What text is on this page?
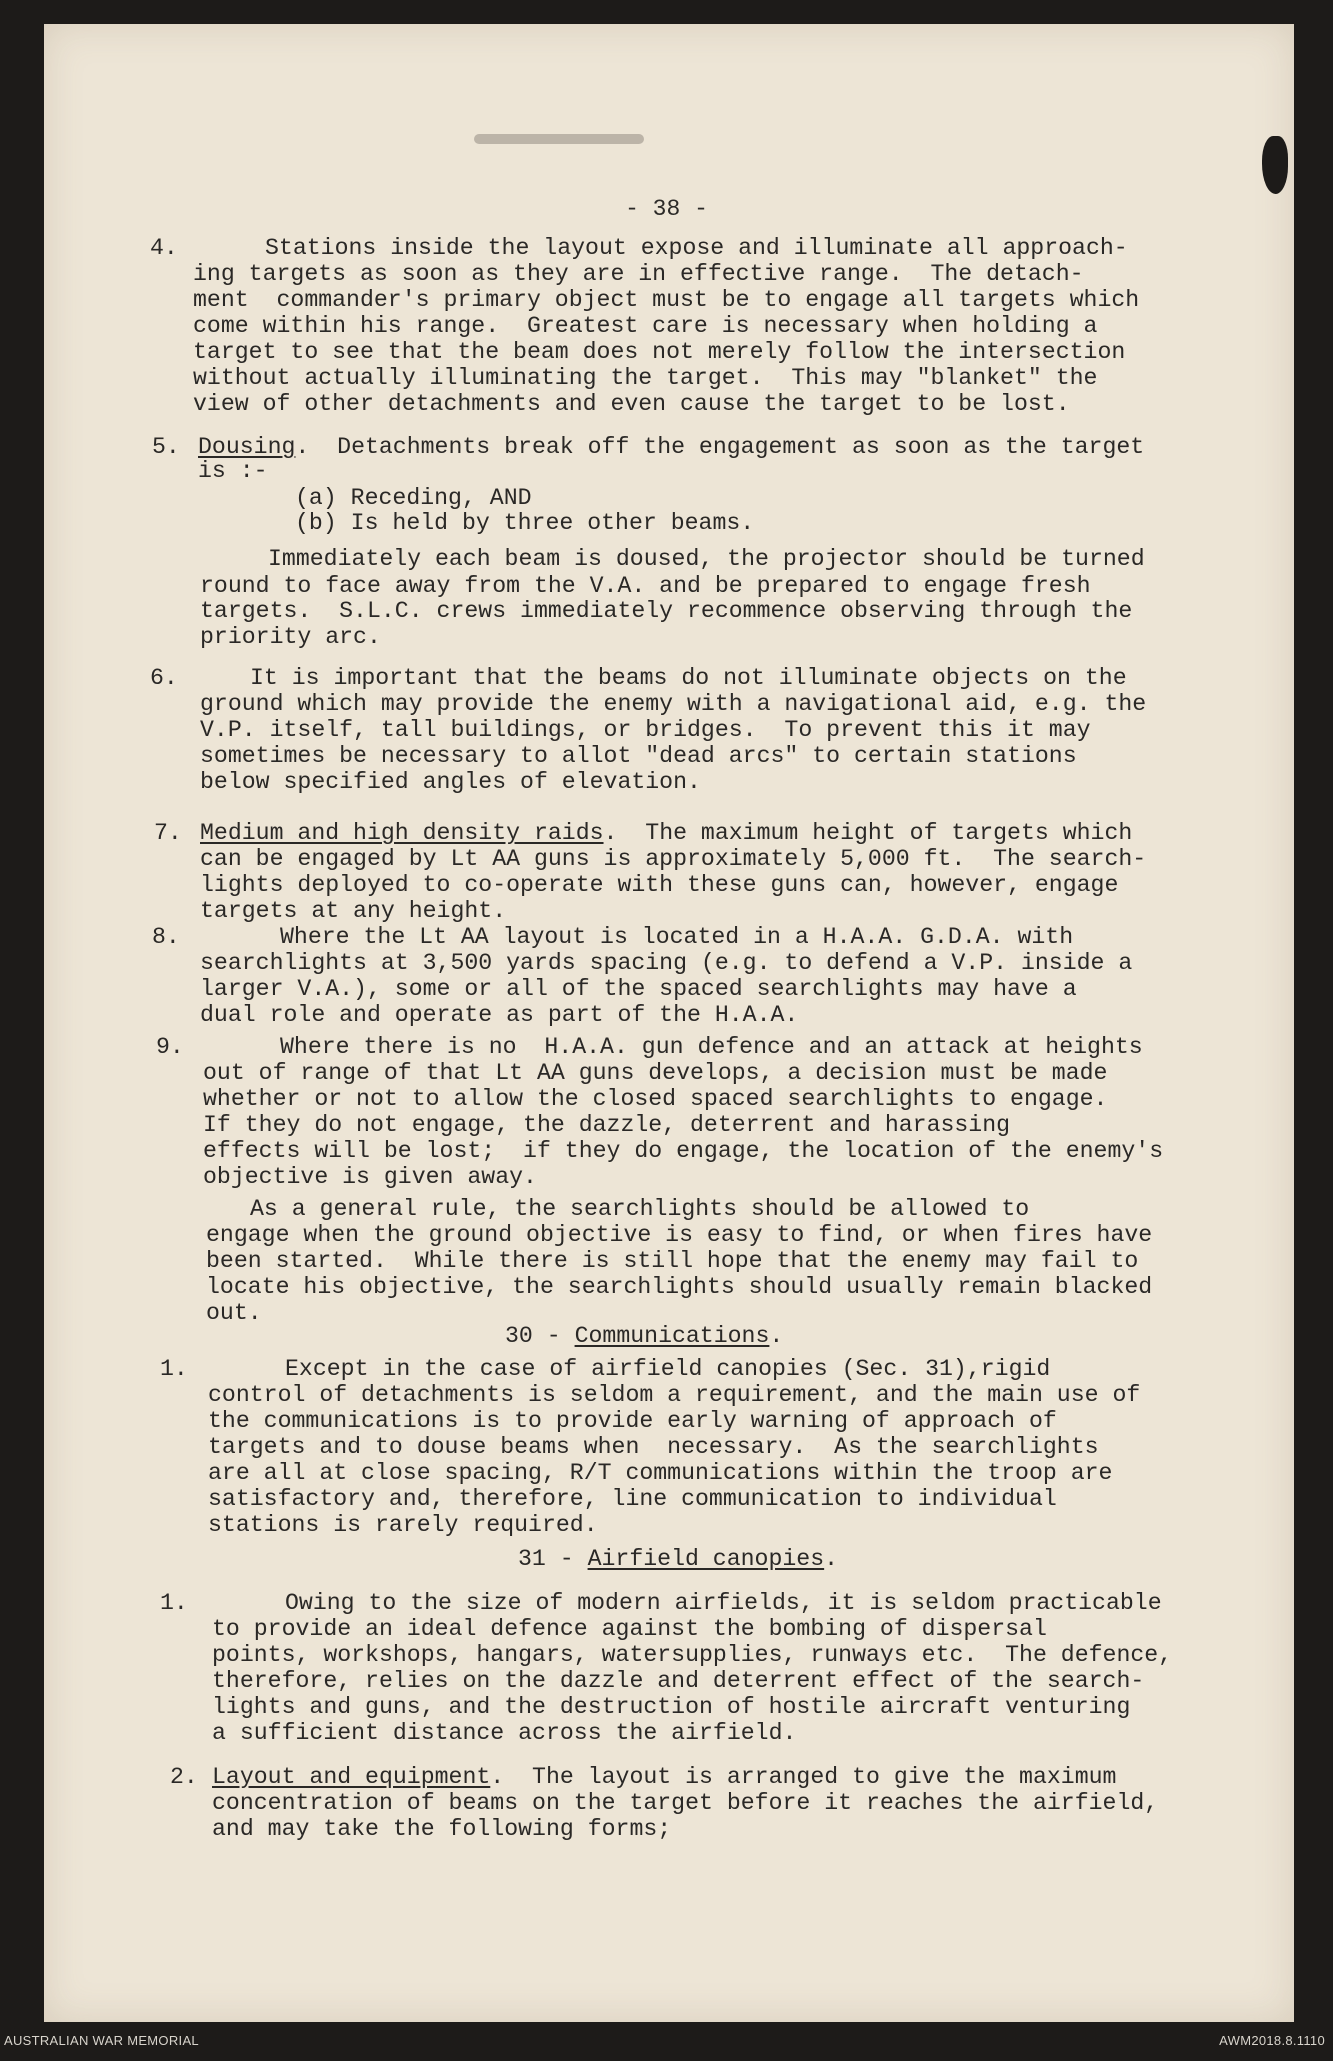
- 38 -
4.	Stations inside the layout expose and illuminate all approach-
ing targets as soon as they are in effective range.  The detach-
ment  commander's primary object must be to engage all targets which
come within his range.  Greatest care is necessary when holding a
target to see that the beam does not merely follow the intersection
without actually illuminating the target.  This may "blanket" the
view of other detachments and even cause the target to be lost.
5. Dousing.  Detachments break off the engagement as soon as the target
is :-
(a) Receding, AND
(b) Is held by three other beams.
Immediately each beam is doused, the projector should be turned
round to face away from the V.A. and be prepared to engage fresh
targets.  S.L.C. crews immediately recommence observing through the
priority arc.
6.	It is important that the beams do not illuminate objects on the
ground which may provide the enemy with a navigational aid, e.g. the
V.P. itself, tall buildings, or bridges.  To prevent this it may
sometimes be necessary to allot "dead arcs" to certain stations
below specified angles of elevation.
7. Medium and high density raids.  The maximum height of targets which
can be engaged by Lt AA guns is approximately 5,000 ft.  The search-
lights deployed to co-operate with these guns can, however, engage
targets at any height.
8.	Where the Lt AA layout is located in a H.A.A. G.D.A. with
searchlights at 3,500 yards spacing (e.g. to defend a V.P. inside a
larger V.A.), some or all of the spaced searchlights may have a
dual role and operate as part of the H.A.A.
9.	Where there is no  H.A.A. gun defence and an attack at heights
out of range of that Lt AA guns develops, a decision must be made
whether or not to allow the closed spaced searchlights to engage.
If they do not engage, the dazzle, deterrent and harassing
effects will be lost;  if they do engage, the location of the enemy's
objective is given away.
As a general rule, the searchlights should be allowed to
engage when the ground objective is easy to find, or when fires have
been started.  While there is still hope that the enemy may fail to
locate his objective, the searchlights should usually remain blacked
out.
30 - Communications.
1.	Except in the case of airfield canopies (Sec. 31),rigid
control of detachments is seldom a requirement, and the main use of
the communications is to provide early warning of approach of
targets and to douse beams when  necessary.  As the searchlights
are all at close spacing, R/T communications within the troop are
satisfactory and, therefore, line communication to individual
stations is rarely required.
31 - Airfield canopies.
1.	Owing to the size of modern airfields, it is seldom practicable
to provide an ideal defence against the bombing of dispersal
points, workshops, hangars, watersupplies, runways etc.  The defence,
therefore, relies on the dazzle and deterrent effect of the search-
lights and guns, and the destruction of hostile aircraft venturing
a sufficient distance across the airfield.
2. Layout and equipment.  The layout is arranged to give the maximum
concentration of beams on the target before it reaches the airfield,
and may take the following forms;
AUSTRALIAN WAR MEMORIAL	AWM2018.8.1110
